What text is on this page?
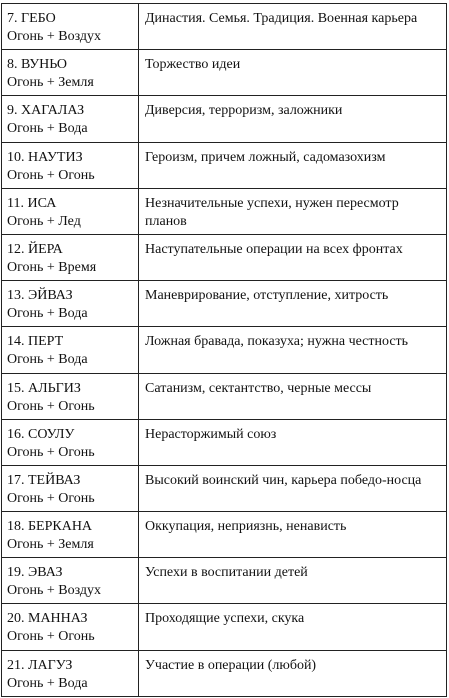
7. ГЕБО
Огонь + Воздух	Династия. Семья. Традиция. Военная карьера

8. ВУНЬО
Огонь + Земля	Торжество идеи

9. ХАГАЛАЗ
Огонь + Вода	Диверсия, терроризм, заложники

10. НАУТИЗ
Огонь + Огонь	Героизм, причем ложный, садомазохизм

11. ИСА
Огонь + Лед	Незначительные успехи, нужен пересмотр планов

12. ЙЕРА
Огонь + Время	Наступательные операции на всех фронтах

13. ЭЙВАЗ
Огонь + Вода	Маневрирование, отступление, хитрость

14. ПЕРТ
Огонь + Вода	Ложная бравада, показуха; нужна честность

15. АЛЬГИЗ
Огонь + Огонь	Сатанизм, сектантство, черные мессы

16. СОУЛУ
Огонь + Огонь	Нерасторжимый союз

17. ТЕЙВАЗ
Огонь + Огонь	Высокий воинский чин, карьера победо-носца

18. БЕРКАНА
Огонь + Земля	Оккупация, неприязнь, ненависть

19. ЭВАЗ
Огонь + Воздух	Успехи в воспитании детей

20. МАННАЗ
Огонь + Огонь	Проходящие успехи, скука

21. ЛАГУЗ
Огонь + Вода	Участие в операции (любой)
